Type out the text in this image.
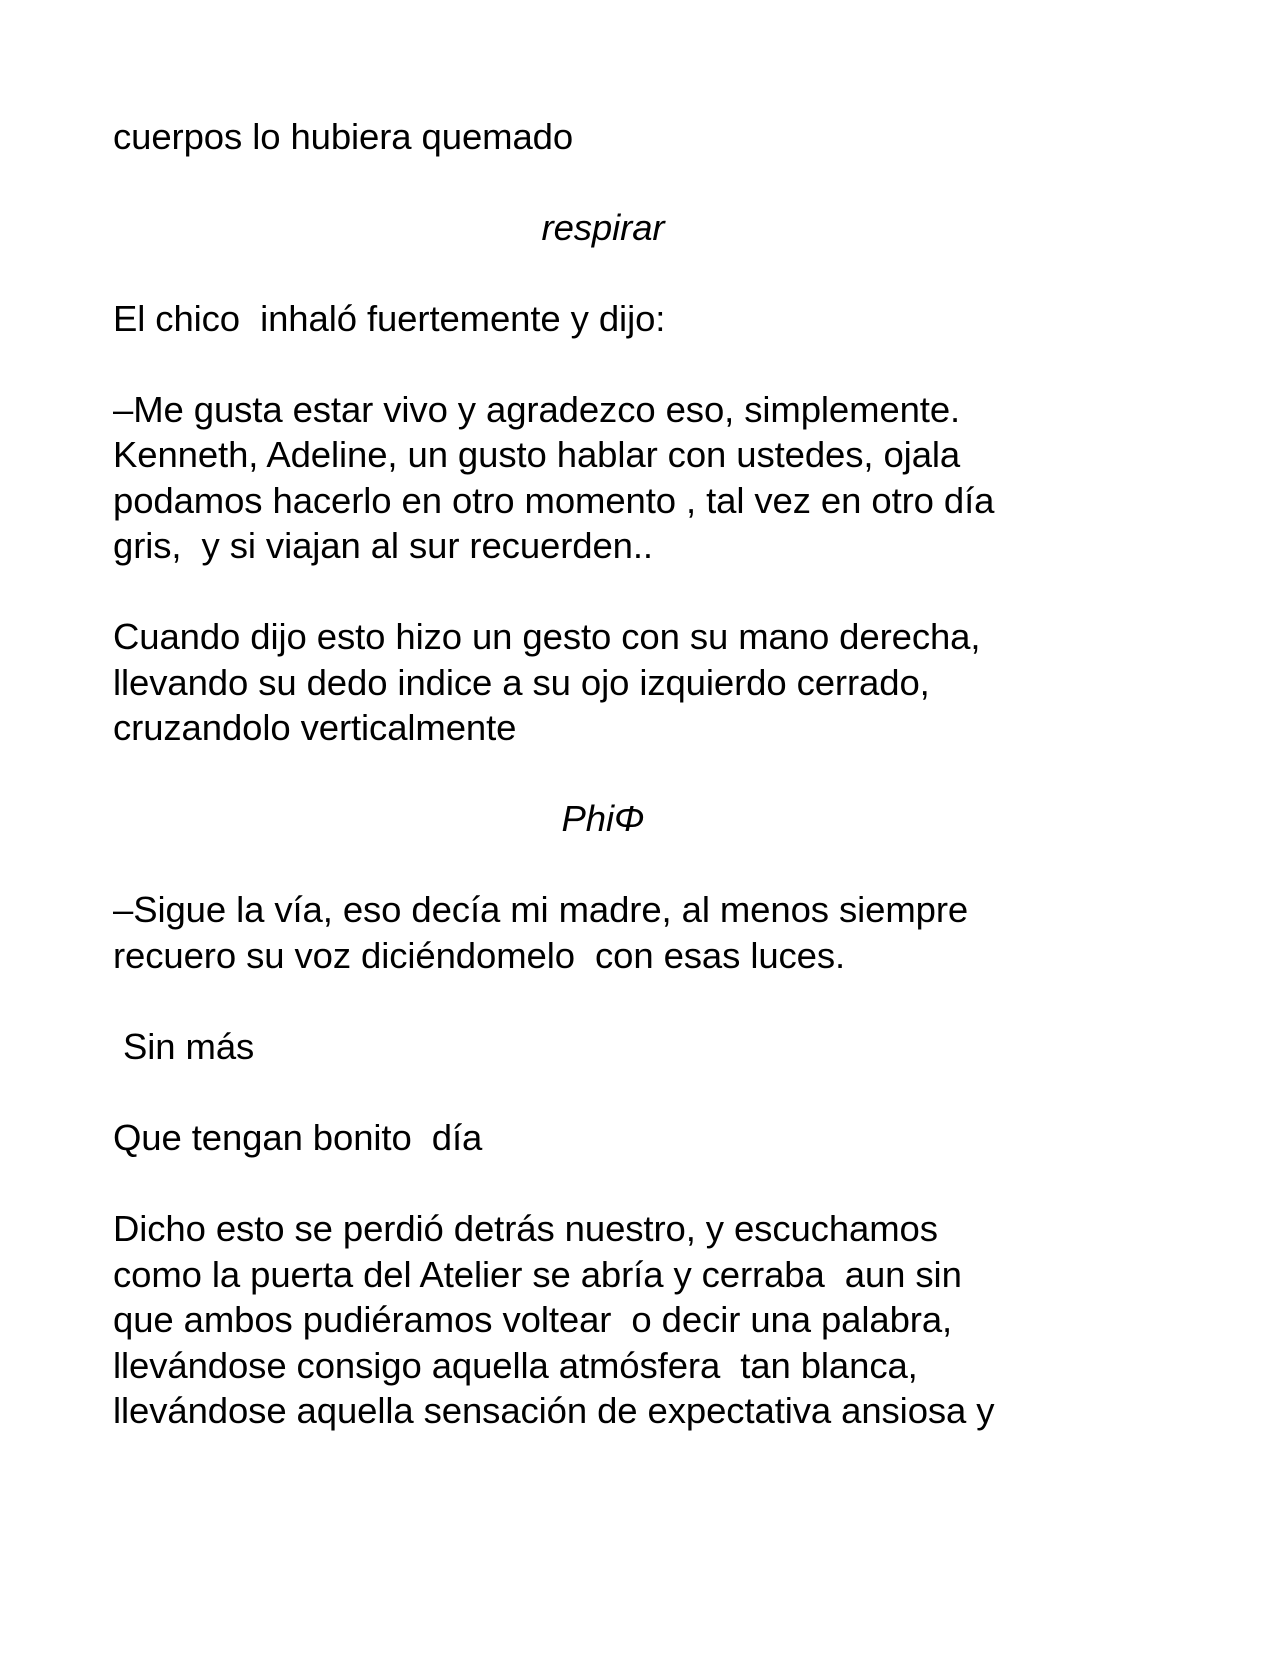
cuerpos lo hubiera quemado
respirar
El chico  inhaló fuertemente y dijo:
–Me gusta estar vivo y agradezco eso, simplemente.
Kenneth, Adeline, un gusto hablar con ustedes, ojala
podamos hacerlo en otro momento , tal vez en otro día
gris,  y si viajan al sur recuerden..
Cuando dijo esto hizo un gesto con su mano derecha,
llevando su dedo indice a su ojo izquierdo cerrado,
cruzandolo verticalmente
PhiΦ
–Sigue la vía, eso decía mi madre, al menos siempre
recuero su voz diciéndomelo  con esas luces.
Sin más
Que tengan bonito  día
Dicho esto se perdió detrás nuestro, y escuchamos
como la puerta del Atelier se abría y cerraba  aun sin
que ambos pudiéramos voltear  o decir una palabra,
llevándose consigo aquella atmósfera  tan blanca,
llevándose aquella sensación de expectativa ansiosa y
